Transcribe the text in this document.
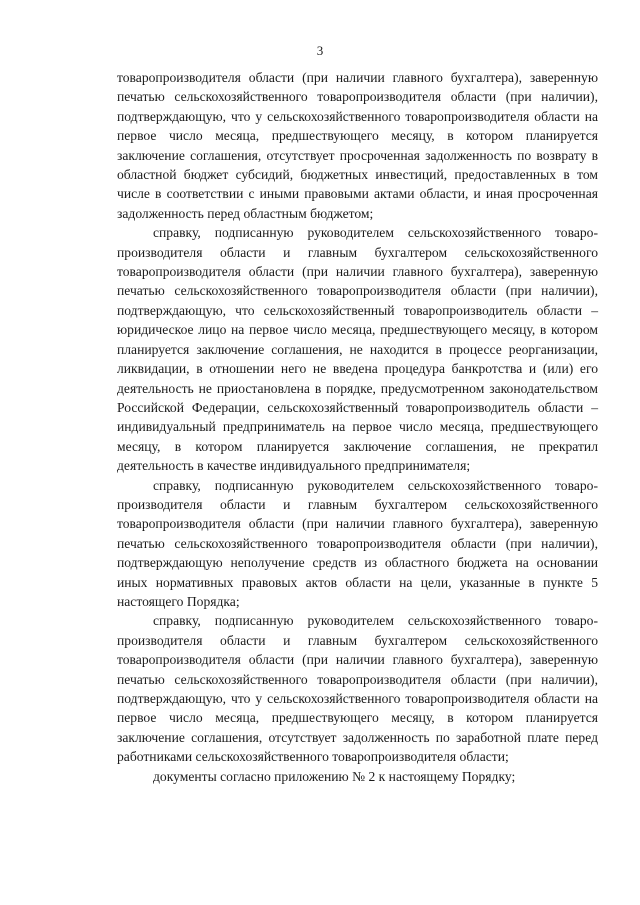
3

товаропроизводителя области (при наличии главного бухгалтера), заверенную печатью сельскохозяйственного товаропроизводителя области (при наличии), подтверждающую, что у сельскохозяйственного товаропроизводителя области на первое число месяца, предшествующего месяцу, в котором планируется заключение соглашения, отсутствует просроченная задолженность по возврату в областной бюджет субсидий, бюджетных инвестиций, предоставленных в том числе в соответствии с иными правовыми актами области, и иная просроченная задолженность перед областным бюджетом;

справку, подписанную руководителем сельскохозяйственного товаропроизводителя области и главным бухгалтером сельскохозяйственного товаропроизводителя области (при наличии главного бухгалтера), заверенную печатью сельскохозяйственного товаропроизводителя области (при наличии), подтверждающую, что сельскохозяйственный товаропроизводитель области – юридическое лицо на первое число месяца, предшествующего месяцу, в котором планируется заключение соглашения, не находится в процессе реорганизации, ликвидации, в отношении него не введена процедура банкротства и (или) его деятельность не приостановлена в порядке, предусмотренном законодательством Российской Федерации, сельскохозяйственный товаропроизводитель области – индивидуальный предприниматель на первое число месяца, предшествующего месяцу, в котором планируется заключение соглашения, не прекратил деятельность в качестве индивидуального предпринимателя;

справку, подписанную руководителем сельскохозяйственного товаропроизводителя области и главным бухгалтером сельскохозяйственного товаропроизводителя области (при наличии главного бухгалтера), заверенную печатью сельскохозяйственного товаропроизводителя области (при наличии), подтверждающую неполучение средств из областного бюджета на основании иных нормативных правовых актов области на цели, указанные в пункте 5 настоящего Порядка;

справку, подписанную руководителем сельскохозяйственного товаропроизводителя области и главным бухгалтером сельскохозяйственного товаропроизводителя области (при наличии главного бухгалтера), заверенную печатью сельскохозяйственного товаропроизводителя области (при наличии), подтверждающую, что у сельскохозяйственного товаропроизводителя области на первое число месяца, предшествующего месяцу, в котором планируется заключение соглашения, отсутствует задолженность по заработной плате перед работниками сельскохозяйственного товаропроизводителя области;

документы согласно приложению № 2 к настоящему Порядку;
